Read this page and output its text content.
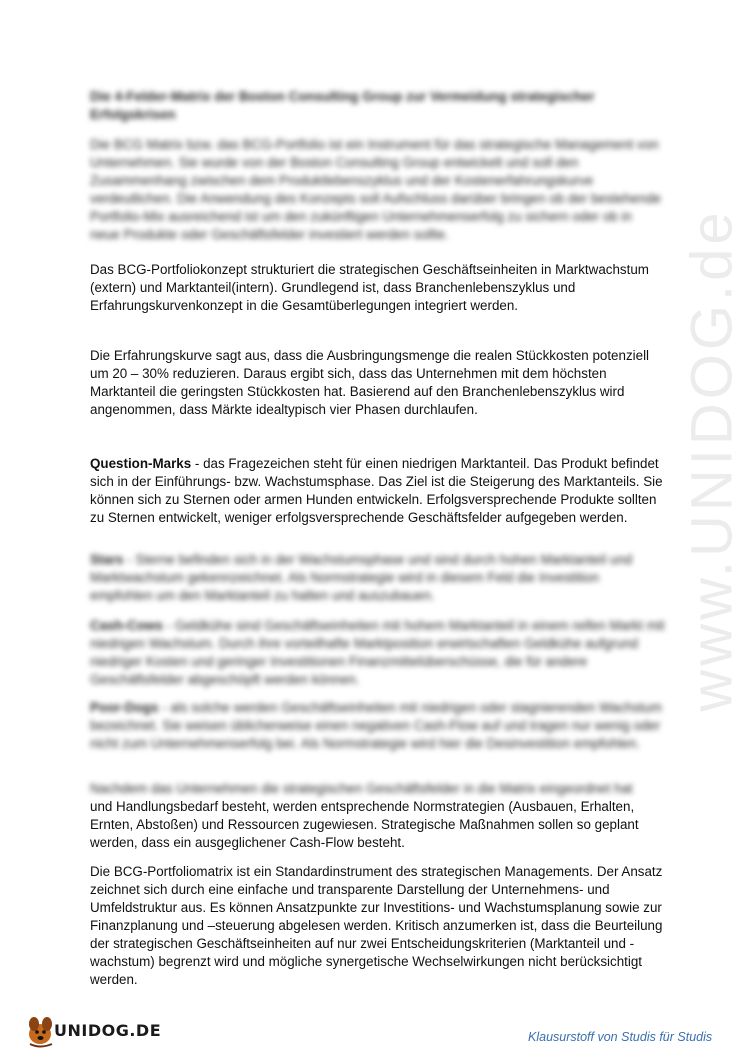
www.UNIDOG.de

Die 4-Felder-Matrix der Boston Consulting Group zur Vermeidung strategischer Erfolgskrisen

Die BCG Matrix bzw. das BCG-Portfolio ist ein Instrument für das strategische Management von Unternehmen. Sie wurde von der Boston Consulting Group entwickelt und soll den Zusammenhang zwischen dem Produktlebenszyklus und der Kostenerfahrungskurve verdeutlichen. Die Anwendung des Konzepts soll Aufschluss darüber bringen ob der bestehende Portfolio-Mix ausreichend ist um den zukünftigen Unternehmenserfolg zu sichern oder ob in neue Produkte oder Geschäftsfelder investiert werden sollte.

Das BCG-Portfoliokonzept strukturiert die strategischen Geschäftseinheiten in Marktwachstum (extern) und Marktanteil(intern). Grundlegend ist, dass Branchenlebenszyklus und Erfahrungskurvenkonzept in die Gesamtüberlegungen integriert werden.

Die Erfahrungskurve sagt aus, dass die Ausbringungsmenge die realen Stückkosten potenziell um 20 – 30% reduzieren. Daraus ergibt sich, dass das Unternehmen mit dem höchsten Marktanteil die geringsten Stückkosten hat. Basierend auf den Branchenlebenszyklus wird angenommen, dass Märkte idealtypisch vier Phasen durchlaufen.

Question-Marks - das Fragezeichen steht für einen niedrigen Marktanteil. Das Produkt befindet sich in der Einführungs- bzw. Wachstumsphase. Das Ziel ist die Steigerung des Marktanteils. Sie können sich zu Sternen oder armen Hunden entwickeln. Erfolgsversprechende Produkte sollten zu Sternen entwickelt, weniger erfolgsversprechende Geschäftsfelder aufgegeben werden.

Stars - Sterne befinden sich in der Wachstumsphase und sind durch hohen Marktanteil und Marktwachstum gekennzeichnet. Als Normstrategie wird in diesem Feld die Investition empfohlen um den Marktanteil zu halten und auszubauen.

Cash-Cows - Geldkühe sind Geschäftseinheiten mit hohem Marktanteil in einem reifen Markt mit niedrigen Wachstum. Durch ihre vorteilhafte Marktposition erwirtschaften Geldkühe aufgrund niedriger Kosten und geringer Investitionen Finanzmittelüberschüsse, die für andere Geschäftsfelder abgeschöpft werden können.

Poor-Dogs - als solche werden Geschäftseinheiten mit niedrigen oder stagnierenden Wachstum bezeichnet. Sie weisen üblicherweise einen negativen Cash-Flow auf und tragen nur wenig oder nicht zum Unternehmenserfolg bei. Als Normstrategie wird hier die Desinvestition empfohlen.

Nachdem das Unternehmen die strategischen Geschäftsfelder in die Matrix eingeordnet hat

und Handlungsbedarf besteht, werden entsprechende Normstrategien (Ausbauen, Erhalten, Ernten, Abstoßen) und Ressourcen zugewiesen. Strategische Maßnahmen sollen so geplant werden, dass ein ausgeglichener Cash-Flow besteht.

Die BCG-Portfoliomatrix ist ein Standardinstrument des strategischen Managements. Der Ansatz zeichnet sich durch eine einfache und transparente Darstellung der Unternehmens- und Umfeldstruktur aus. Es können Ansatzpunkte zur Investitions- und Wachstumsplanung sowie zur Finanzplanung und –steuerung abgelesen werden. Kritisch anzumerken ist, dass die Beurteilung der strategischen Geschäftseinheiten auf nur zwei Entscheidungskriterien (Marktanteil und -wachstum) begrenzt wird und mögliche synergetische Wechselwirkungen nicht berücksichtigt werden.

UNIDOG.DE	Klausurstoff von Studis für Studis
